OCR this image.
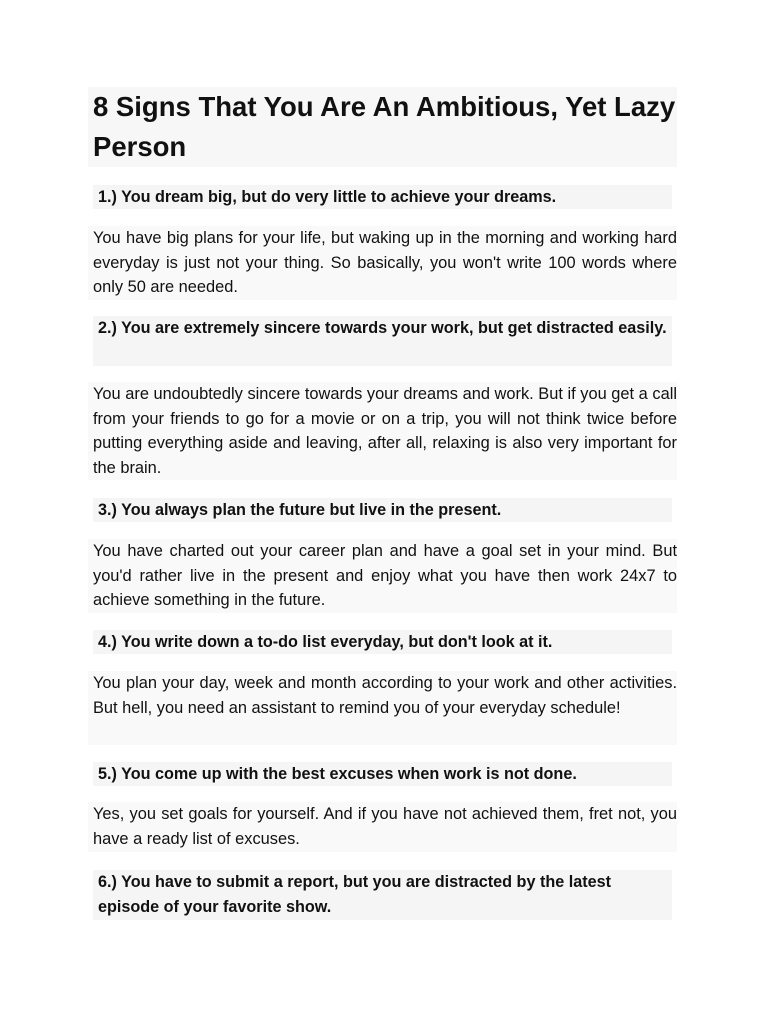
8 Signs That You Are An Ambitious, Yet Lazy Person
1.) You dream big, but do very little to achieve your dreams.
You have big plans for your life, but waking up in the morning and working hard everyday is just not your thing. So basically, you won't write 100 words where only 50 are needed.
2.) You are extremely sincere towards your work, but get distracted easily.
You are undoubtedly sincere towards your dreams and work. But if you get a call from your friends to go for a movie or on a trip, you will not think twice before putting everything aside and leaving, after all, relaxing is also very important for the brain.
3.) You always plan the future but live in the present.
You have charted out your career plan and have a goal set in your mind. But you'd rather live in the present and enjoy what you have then work 24x7 to achieve something in the future.
4.) You write down a to-do list everyday, but don't look at it.
You plan your day, week and month according to your work and other activities. But hell, you need an assistant to remind you of your everyday schedule!
5.) You come up with the best excuses when work is not done.
Yes, you set goals for yourself. And if you have not achieved them, fret not, you have a ready list of excuses.
6.) You have to submit a report, but you are distracted by the latest episode of your favorite show.
